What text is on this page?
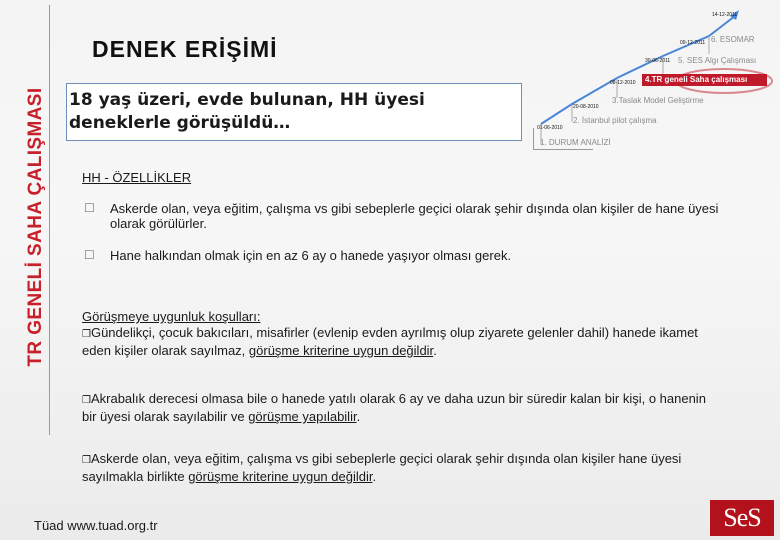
TR GENELİ SAHA ÇALIŞMASI
DENEK ERİŞİMİ
18 yaş üzeri, evde bulunan, HH üyesi
deneklerle görüşüldü…	01-06-2010
20-08-2010
08-12-2010
30-06-2011
09-12-2011
14-12-2011
1. DURUM ANALİZİ
2. İstanbul pilot çalışma
3.Taslak Model Geliştirme
4.TR geneli Saha çalışması
5. SES Algı Çalışması
6. ESOMAR
HH - ÖZELLİKLER
☐ Askerde olan, veya eğitim, çalışma vs gibi sebeplerle geçici olarak şehir dışında olan kişiler de hane üyesi olarak görülürler.
☐ Hane halkından olmak için en az 6 ay o hanede yaşıyor olması gerek.
Görüşmeye uygunluk koşulları:
❒Gündelikçi, çocuk bakıcıları, misafirler (evlenip evden ayrılmış olup ziyarete gelenler dahil) hanede ikamet eden kişiler olarak sayılmaz, görüşme kriterine uygun değildir.
❒Akrabalık derecesi olmasa bile o hanede yatılı olarak 6 ay ve daha uzun bir süredir kalan bir kişi, o hanenin bir üyesi olarak sayılabilir ve görüşme yapılabilir.
❒Askerde olan, veya eğitim, çalışma vs gibi sebeplerle geçici olarak şehir dışında olan kişiler hane üyesi sayılmakla birlikte görüşme kriterine uygun değildir.
Tüad www.tuad.org.tr	SeS
